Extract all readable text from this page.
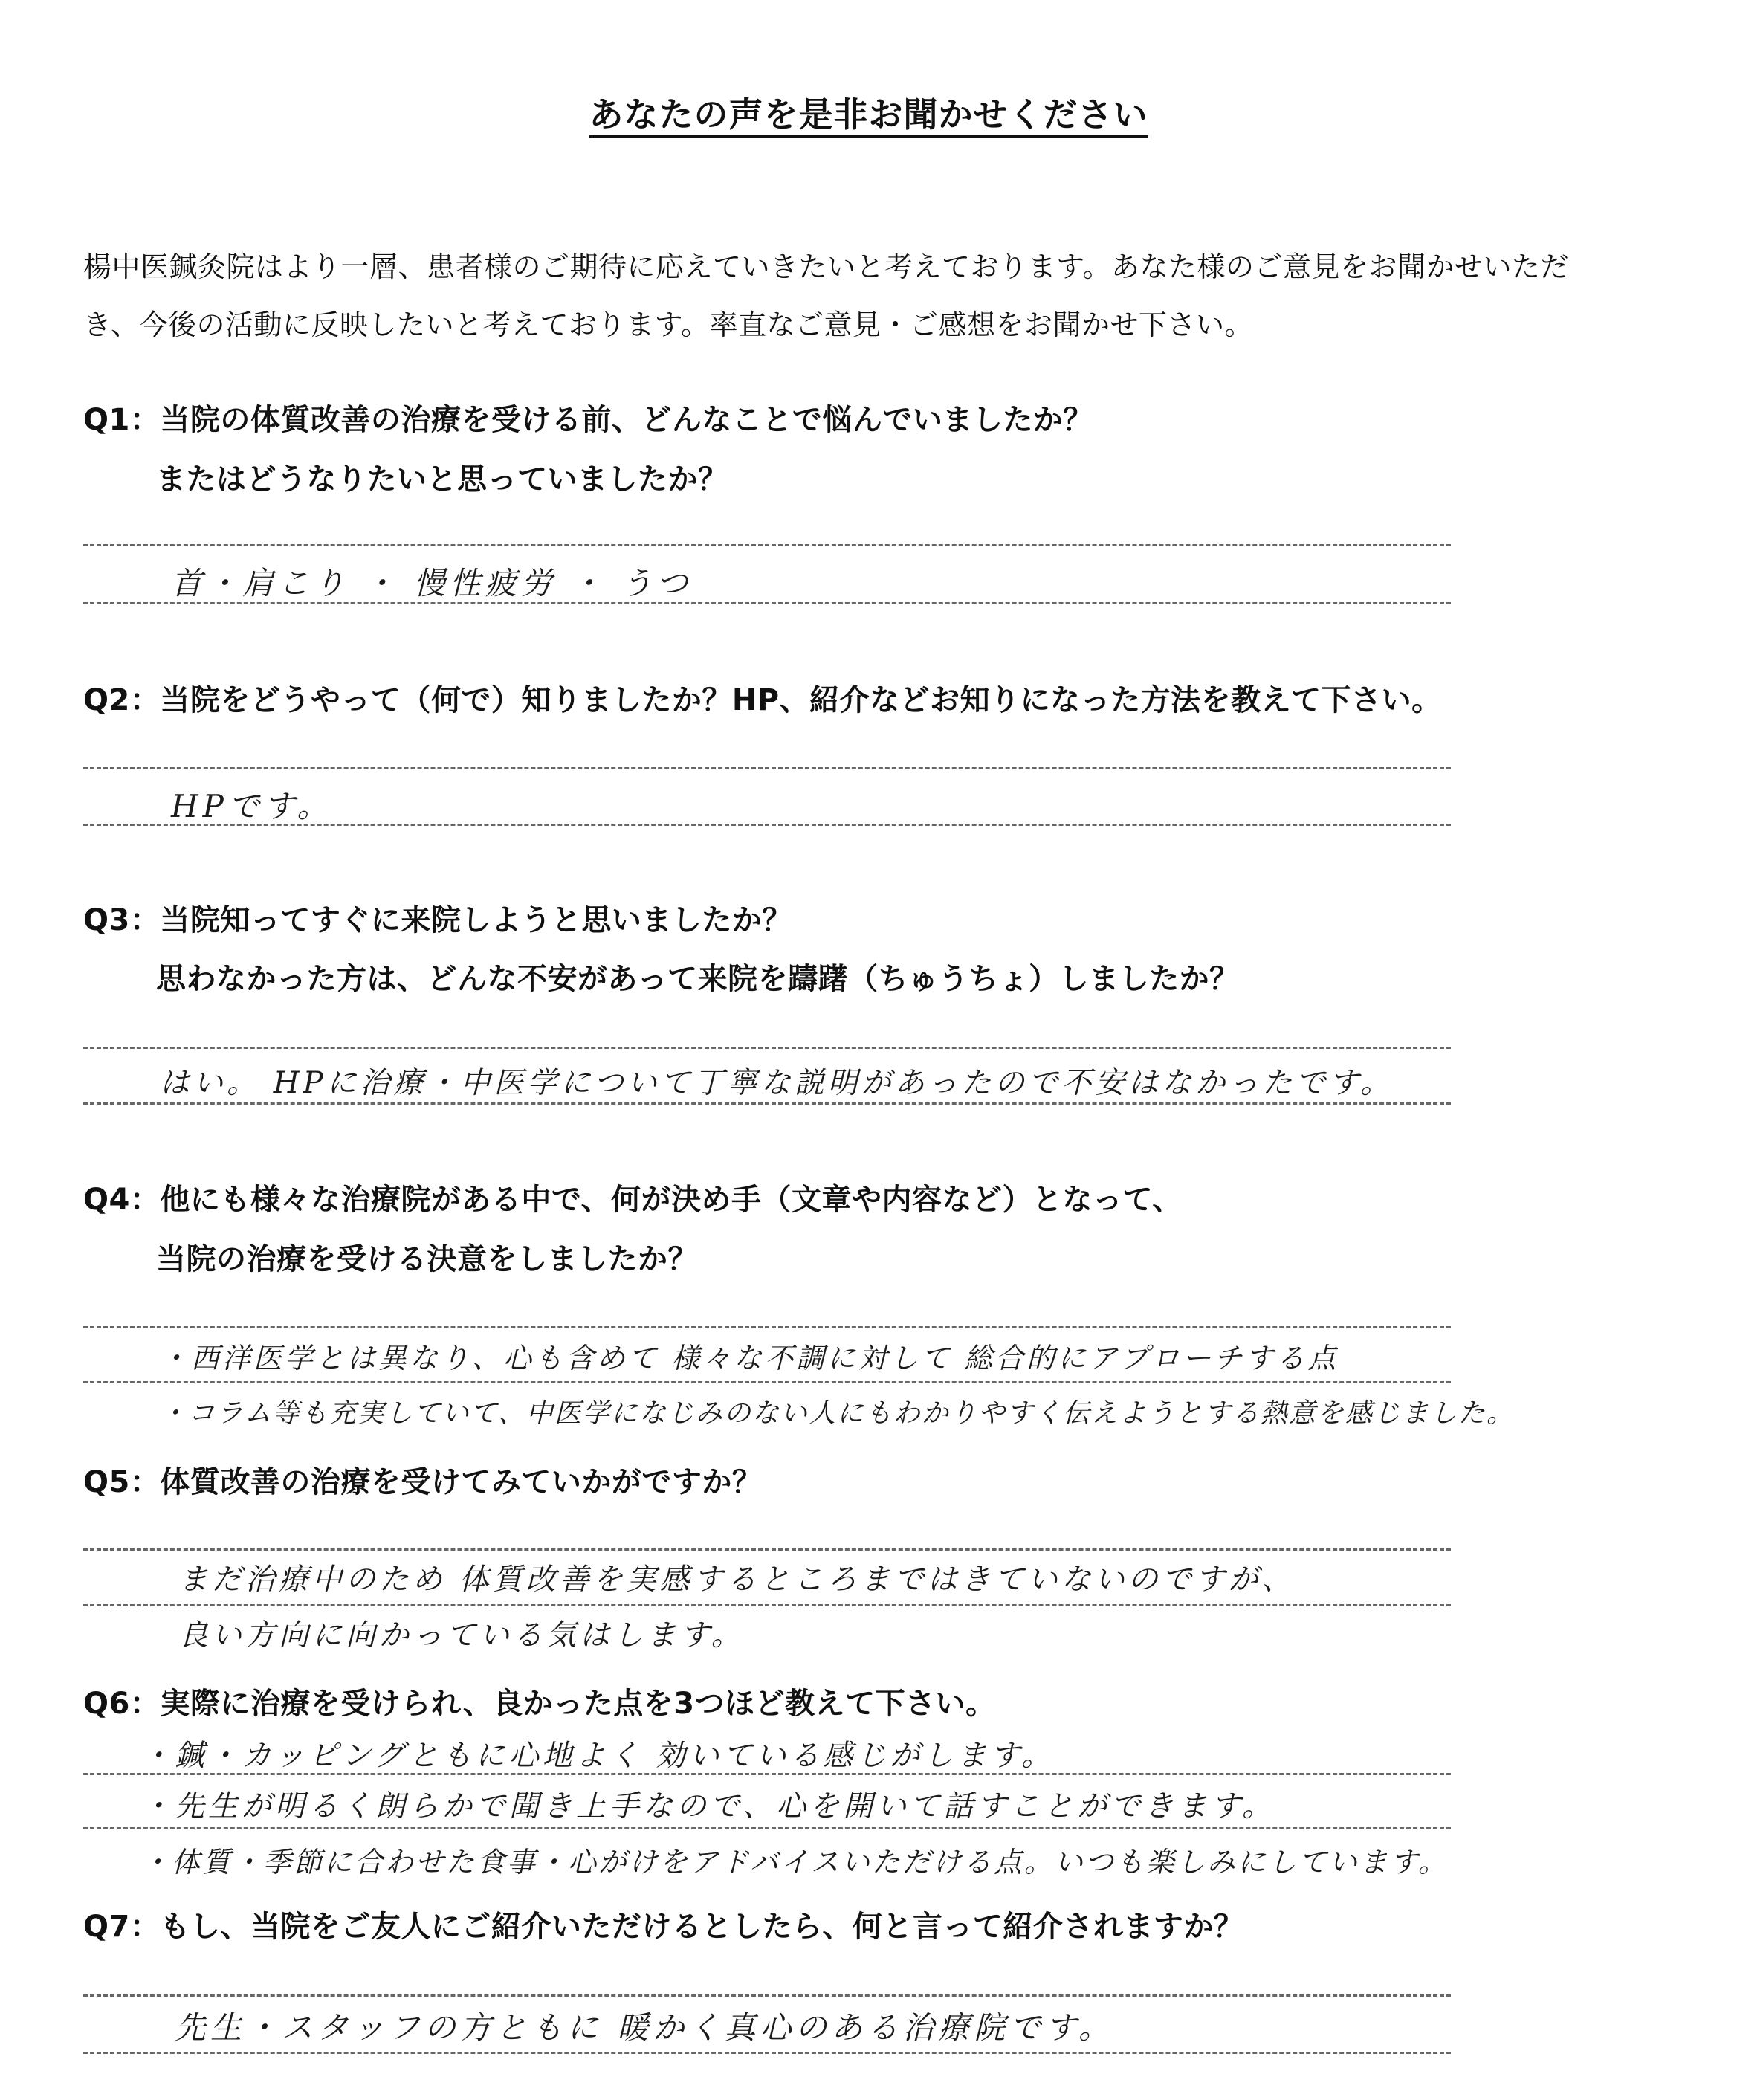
あなたの声を是非お聞かせください
楊中医鍼灸院はより一層、患者様のご期待に応えていきたいと考えております。あなた様のご意見をお聞かせいただ
き、今後の活動に反映したいと考えております。率直なご意見・ご感想をお聞かせ下さい。
Q1：当院の体質改善の治療を受ける前、どんなことで悩んでいましたか？
またはどうなりたいと思っていましたか？
首・肩こり ・ 慢性疲労 ・ うつ
Q2：当院をどうやって（何で）知りましたか？HP、紹介などお知りになった方法を教えて下さい。
HPです。
Q3：当院知ってすぐに来院しようと思いましたか？
思わなかった方は、どんな不安があって来院を躊躇（ちゅうちょ）しましたか？
はい。 HPに治療・中医学について丁寧な説明があったので不安はなかったです。
Q4：他にも様々な治療院がある中で、何が決め手（文章や内容など）となって、
当院の治療を受ける決意をしましたか？
・西洋医学とは異なり、心も含めて 様々な不調に対して 総合的にアプローチする点
・コラム等も充実していて、中医学になじみのない人にもわかりやすく伝えようとする熱意を感じました。
Q5：体質改善の治療を受けてみていかがですか？
まだ治療中のため 体質改善を実感するところまではきていないのですが、
良い方向に向かっている気はします。
Q6：実際に治療を受けられ、良かった点を3つほど教えて下さい。
・鍼・カッピングともに心地よく 効いている感じがします。
・先生が明るく朗らかで聞き上手なので、心を開いて話すことができます。
・体質・季節に合わせた食事・心がけをアドバイスいただける点。いつも楽しみにしています。
Q7：もし、当院をご友人にご紹介いただけるとしたら、何と言って紹介されますか？
先生・スタッフの方ともに 暖かく真心のある治療院です。
